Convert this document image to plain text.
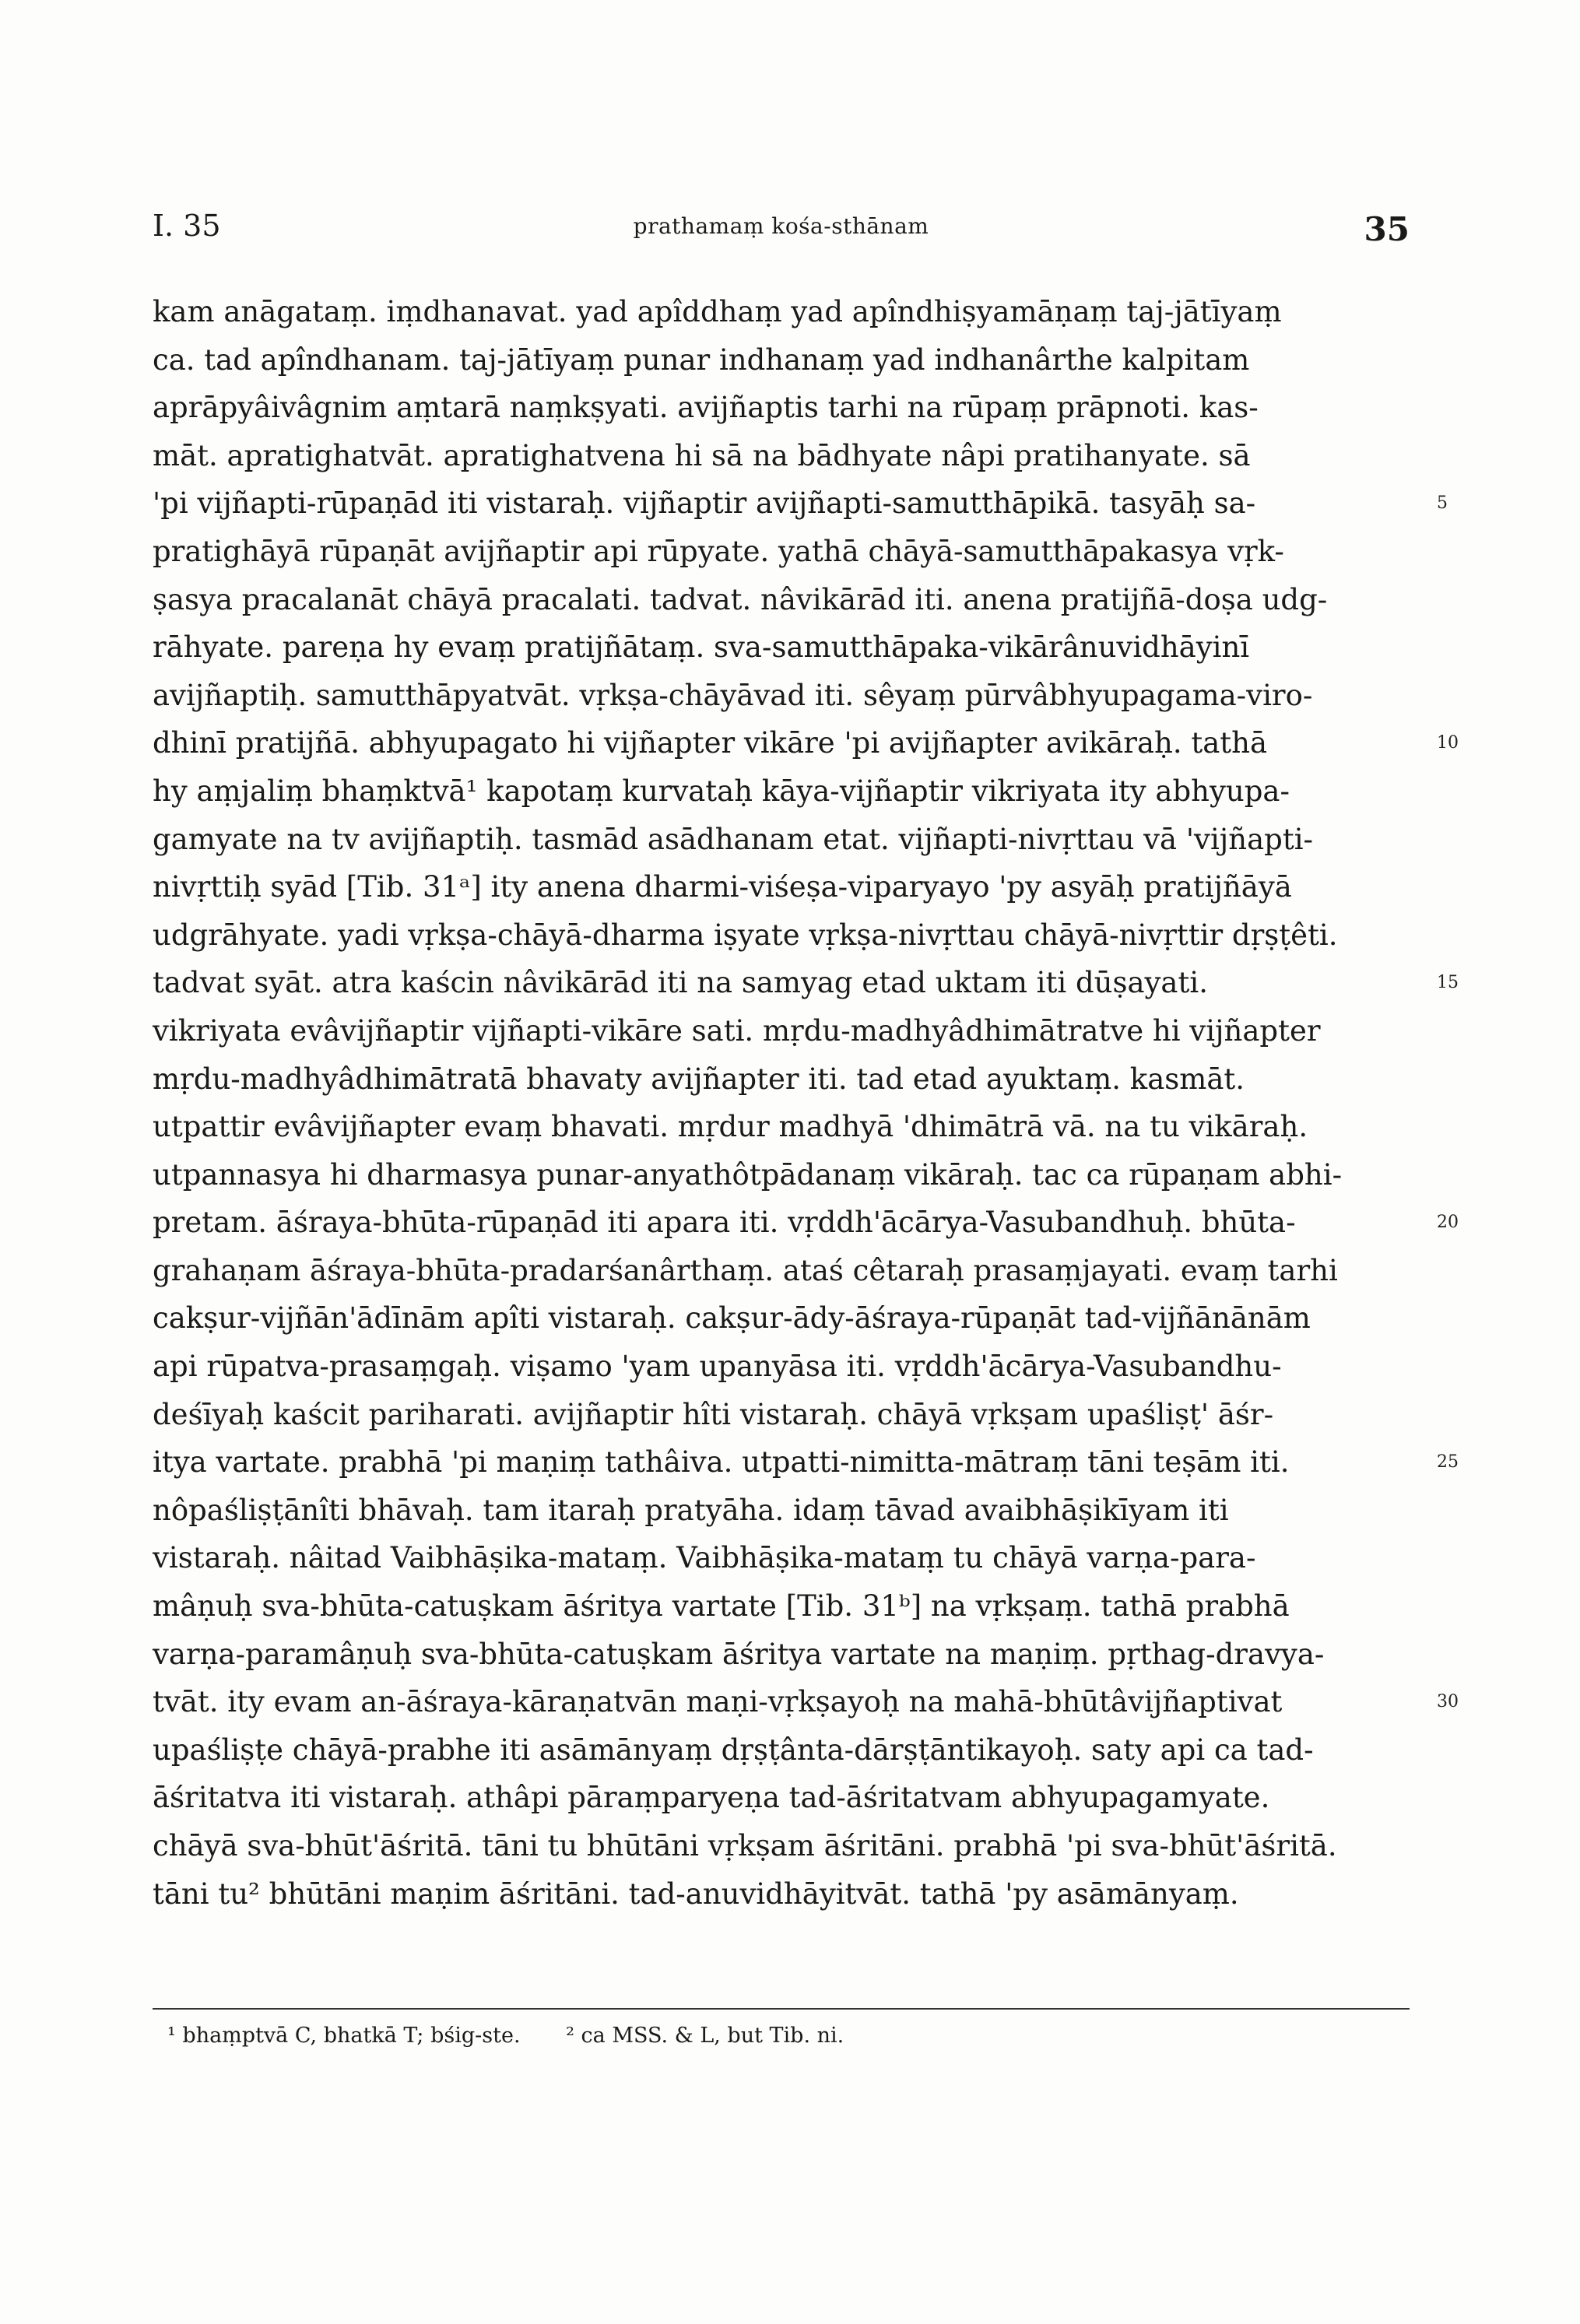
I. 35	prathamaṃ kośa-sthānam	35
kam anāgataṃ. iṃdhanavat. yad apîddhaṃ yad apîndhiṣyamāṇaṃ taj-jātīyaṃ
ca. tad apîndhanam. taj-jātīyaṃ punar indhanaṃ yad indhanârthe kalpitam
aprāpyâivâgnim aṃtarā naṃkṣyati. avijñaptis tarhi na rūpaṃ prāpnoti. kas-
māt. apratighatvāt. apratighatvena hi sā na bādhyate nâpi pratihanyate. sā
'pi vijñapti-rūpaṇād iti vistaraḥ. vijñaptir avijñapti-samutthāpikā. tasyāḥ sa-	5
pratighāyā rūpaṇāt avijñaptir api rūpyate. yathā chāyā-samutthāpakasya vṛk-
ṣasya pracalanāt chāyā pracalati. tadvat. nâvikārād iti. anena pratijñā-doṣa udg-
rāhyate. pareṇa hy evaṃ pratijñātaṃ. sva-samutthāpaka-vikārânuvidhāyinī
avijñaptiḥ. samutthāpyatvāt. vṛkṣa-chāyāvad iti. sêyaṃ pūrvâbhyupagama-viro-
dhinī pratijñā. abhyupagato hi vijñapter vikāre 'pi avijñapter avikāraḥ. tathā	10
hy aṃjaliṃ bhaṃktvā¹ kapotaṃ kurvataḥ kāya-vijñaptir vikriyata ity abhyupa-
gamyate na tv avijñaptiḥ. tasmād asādhanam etat. vijñapti-nivṛttau vā 'vijñapti-
nivṛttiḥ syād [Tib. 31ᵃ] ity anena dharmi-viśeṣa-viparyayo 'py asyāḥ pratijñāyā
udgrāhyate. yadi vṛkṣa-chāyā-dharma iṣyate vṛkṣa-nivṛttau chāyā-nivṛttir dṛṣṭêti.
tadvat syāt. atra kaścin nâvikārād iti na samyag etad uktam iti dūṣayati.	15
vikriyata evâvijñaptir vijñapti-vikāre sati. mṛdu-madhyâdhimātratve hi vijñapter
mṛdu-madhyâdhimātratā bhavaty avijñapter iti. tad etad ayuktaṃ. kasmāt.
utpattir evâvijñapter evaṃ bhavati. mṛdur madhyā 'dhimātrā vā. na tu vikāraḥ.
utpannasya hi dharmasya punar-anyathôtpādanaṃ vikāraḥ. tac ca rūpaṇam abhi-
pretam. āśraya-bhūta-rūpaṇād iti apara iti. vṛddh'ācārya-Vasubandhuḥ. bhūta-	20
grahaṇam āśraya-bhūta-pradarśanârthaṃ. ataś cêtaraḥ prasaṃjayati. evaṃ tarhi
cakṣur-vijñān'ādīnām apîti vistaraḥ. cakṣur-ādy-āśraya-rūpaṇāt tad-vijñānānām
api rūpatva-prasaṃgaḥ. viṣamo 'yam upanyāsa iti. vṛddh'ācārya-Vasubandhu-
deśīyaḥ kaścit pariharati. avijñaptir hîti vistaraḥ. chāyā vṛkṣam upaśliṣṭ' āśr-
itya vartate. prabhā 'pi maṇiṃ tathâiva. utpatti-nimitta-mātraṃ tāni teṣām iti.	25
nôpaśliṣṭānîti bhāvaḥ. tam itaraḥ pratyāha. idaṃ tāvad avaibhāṣikīyam iti
vistaraḥ. nâitad Vaibhāṣika-mataṃ. Vaibhāṣika-mataṃ tu chāyā varṇa-para-
mâṇuḥ sva-bhūta-catuṣkam āśritya vartate [Tib. 31ᵇ] na vṛkṣaṃ. tathā prabhā
varṇa-paramâṇuḥ sva-bhūta-catuṣkam āśritya vartate na maṇiṃ. pṛthag-dravya-
tvāt. ity evam an-āśraya-kāraṇatvān maṇi-vṛkṣayoḥ na mahā-bhūtâvijñaptivat	30
upaśliṣṭe chāyā-prabhe iti asāmānyaṃ dṛṣṭânta-dārṣṭāntikayoḥ. saty api ca tad-
āśritatva iti vistaraḥ. athâpi pāraṃparyeṇa tad-āśritatvam abhyupagamyate.
chāyā sva-bhūt'āśritā. tāni tu bhūtāni vṛkṣam āśritāni. prabhā 'pi sva-bhūt'āśritā.
tāni tu² bhūtāni maṇim āśritāni. tad-anuvidhāyitvāt. tathā 'py asāmānyaṃ.
¹ bhaṃptvā C, bhatkā T; bśig-ste. ² ca MSS. & L, but Tib. ni.
